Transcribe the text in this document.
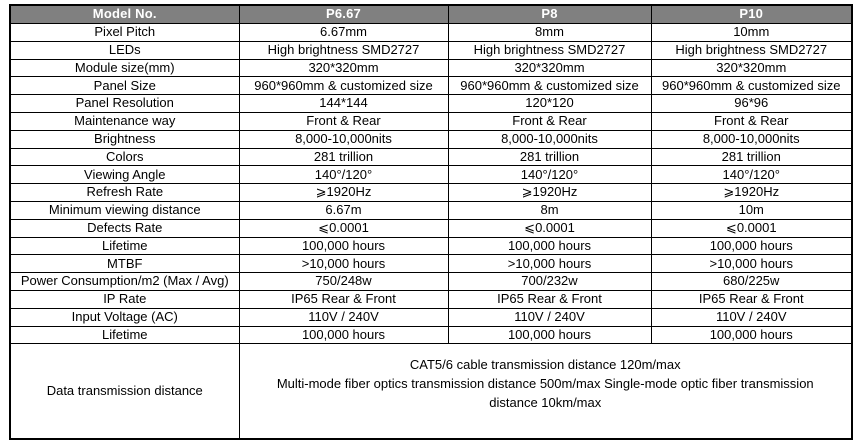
Model No.	P6.67	P8	P10
Pixel Pitch	6.67mm	8mm	10mm
LEDs	High brightness SMD2727	High brightness SMD2727	High brightness SMD2727
Module size(mm)	320*320mm	320*320mm	320*320mm
Panel Size	960*960mm & customized size	960*960mm & customized size	960*960mm & customized size
Panel Resolution	144*144	120*120	96*96
Maintenance way	Front & Rear	Front & Rear	Front & Rear
Brightness	8,000-10,000nits	8,000-10,000nits	8,000-10,000nits
Colors	281 trillion	281 trillion	281 trillion
Viewing Angle	140°/120°	140°/120°	140°/120°
Refresh Rate	⩾1920Hz	⩾1920Hz	⩾1920Hz
Minimum viewing distance	6.67m	8m	10m
Defects Rate	⩽0.0001	⩽0.0001	⩽0.0001
Lifetime	100,000 hours	100,000 hours	100,000 hours
MTBF	>10,000 hours	>10,000 hours	>10,000 hours
Power Consumption/m2 (Max / Avg)	750/248w	700/232w	680/225w
IP Rate	IP65 Rear & Front	IP65 Rear & Front	IP65 Rear & Front
Input Voltage (AC)	110V / 240V	110V / 240V	110V / 240V
Lifetime	100,000 hours	100,000 hours	100,000 hours
Data transmission distance	CAT5/6 cable transmission distance 120m/max
Multi-mode fiber optics transmission distance 500m/max Single-mode optic fiber transmission
distance 10km/max		
